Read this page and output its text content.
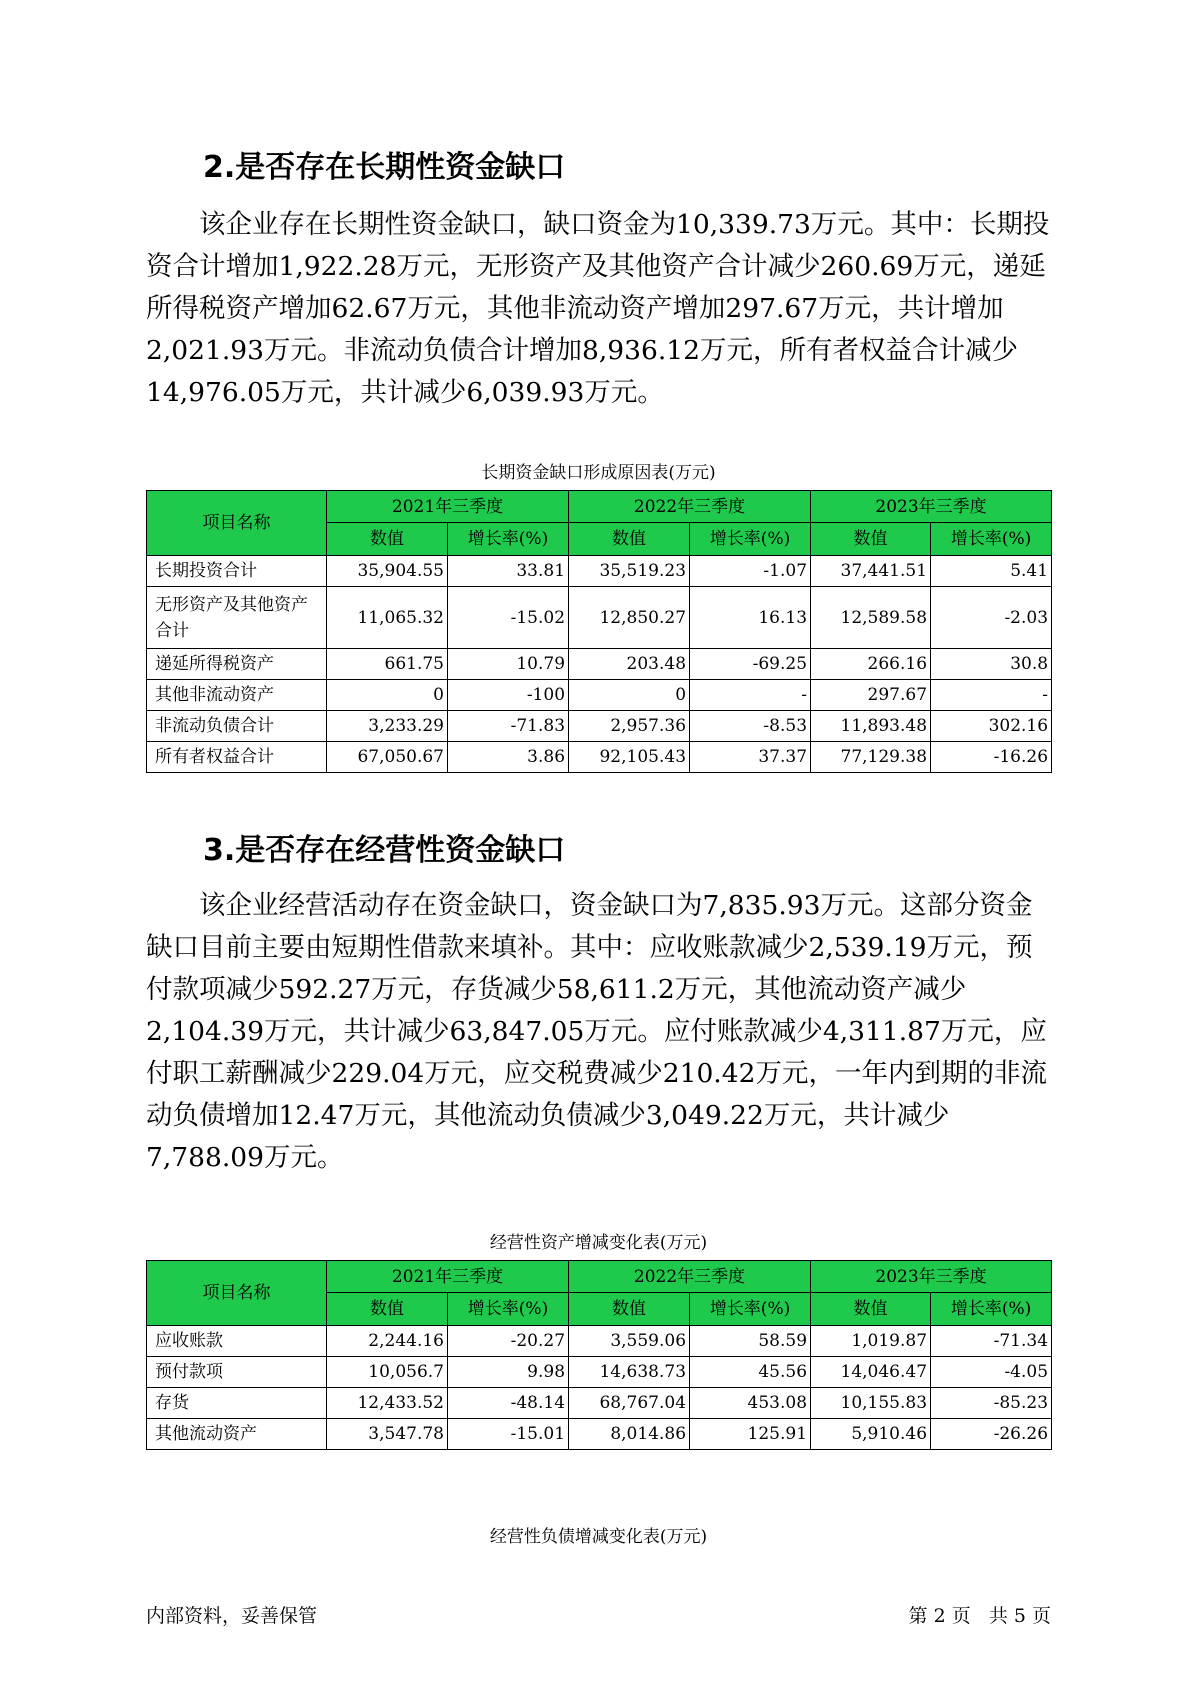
2.是否存在长期性资金缺口

该企业存在长期性资金缺口，缺口资金为10,339.73万元。其中：长期投资合计增加1,922.28万元，无形资产及其他资产合计减少260.69万元，递延所得税资产增加62.67万元，其他非流动资产增加297.67万元，共计增加2,021.93万元。非流动负债合计增加8,936.12万元，所有者权益合计减少14,976.05万元，共计减少6,039.93万元。

长期资金缺口形成原因表(万元)
项目名称	2021年三季度		2022年三季度		2023年三季度	
	数值	增长率(%)	数值	增长率(%)	数值	增长率(%)
长期投资合计	35,904.55	33.81	35,519.23	-1.07	37,441.51	5.41
无形资产及其他资产合计	11,065.32	-15.02	12,850.27	16.13	12,589.58	-2.03
递延所得税资产	661.75	10.79	203.48	-69.25	266.16	30.8
其他非流动资产	0	-100	0	-	297.67	-
非流动负债合计	3,233.29	-71.83	2,957.36	-8.53	11,893.48	302.16
所有者权益合计	67,050.67	3.86	92,105.43	37.37	77,129.38	-16.26
3.是否存在经营性资金缺口

该企业经营活动存在资金缺口，资金缺口为7,835.93万元。这部分资金缺口目前主要由短期性借款来填补。其中：应收账款减少2,539.19万元，预付款项减少592.27万元，存货减少58,611.2万元，其他流动资产减少2,104.39万元，共计减少63,847.05万元。应付账款减少4,311.87万元，应付职工薪酬减少229.04万元，应交税费减少210.42万元，一年内到期的非流动负债增加12.47万元，其他流动负债减少3,049.22万元，共计减少7,788.09万元。

经营性资产增减变化表(万元)
项目名称	2021年三季度		2022年三季度		2023年三季度	
	数值	增长率(%)	数值	增长率(%)	数值	增长率(%)
应收账款	2,244.16	-20.27	3,559.06	58.59	1,019.87	-71.34
预付款项	10,056.7	9.98	14,638.73	45.56	14,046.47	-4.05
存货	12,433.52	-48.14	68,767.04	453.08	10,155.83	-85.23
其他流动资产	3,547.78	-15.01	8,014.86	125.91	5,910.46	-26.26
经营性负债增减变化表(万元)
内部资料，妥善保管	第 2 页   共 5 页
